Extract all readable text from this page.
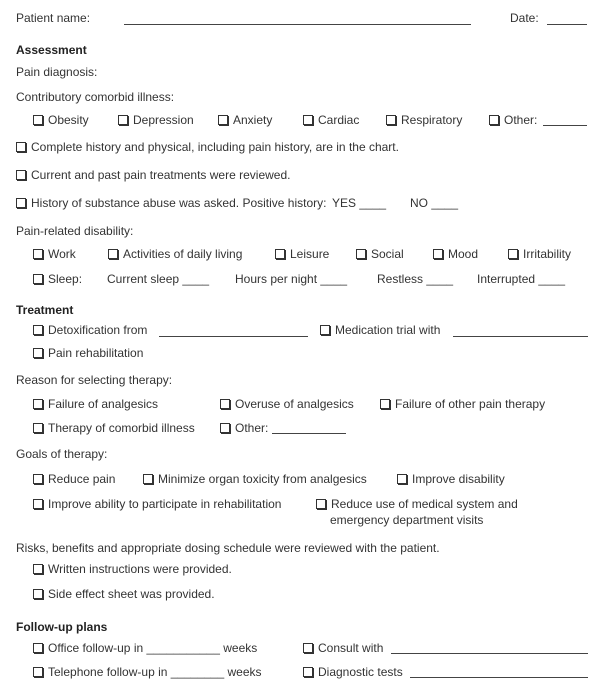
Patient name:	Date:
Assessment
Pain diagnosis:
Contributory comorbid illness:
Obesity	Depression	Anxiety	Cardiac	Respiratory	Other:
Complete history and physical, including pain history, are in the chart.
Current and past pain treatments were reviewed.
History of substance abuse was asked. Positive history: YES ____ NO ____
Pain-related disability:
Work	Activities of daily living	Leisure	Social	Mood	Irritability
Sleep: Current sleep ____ Hours per night ____ Restless ____ Interrupted ____
Treatment
Detoxification from	Medication trial with
Pain rehabilitation
Reason for selecting therapy:
Failure of analgesics	Overuse of analgesics	Failure of other pain therapy
Therapy of comorbid illness	Other:
Goals of therapy:
Reduce pain	Minimize organ toxicity from analgesics	Improve disability
Improve ability to participate in rehabilitation	Reduce use of medical system and
emergency department visits
Risks, benefits and appropriate dosing schedule were reviewed with the patient.
Written instructions were provided.
Side effect sheet was provided.
Follow-up plans
Office follow-up in ___________ weeks	Consult with
Telephone follow-up in ________ weeks	Diagnostic tests
